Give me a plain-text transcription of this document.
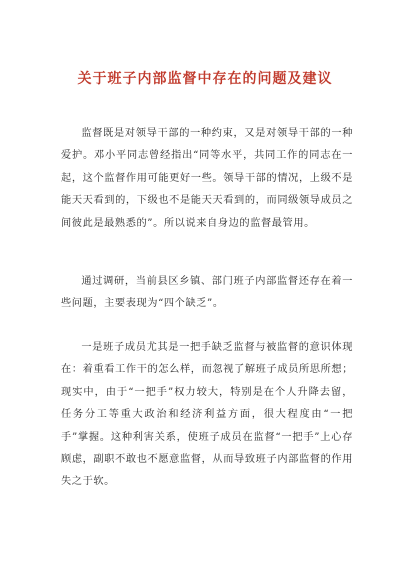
关于班子内部监督中存在的问题及建议

监督既是对领导干部的一种约束，又是对领导干部的一种爱护。邓小平同志曾经指出“同等水平，共同工作的同志在一起，这个监督作用可能更好一些。领导干部的情况，上级不是能天天看到的，下级也不是能天天看到的，而同级领导成员之间彼此是最熟悉的”。所以说来自身边的监督最管用。

通过调研，当前县区乡镇、部门班子内部监督还存在着一些问题，主要表现为“四个缺乏”。

一是班子成员尤其是一把手缺乏监督与被监督的意识体现在：着重看工作干的怎么样，而忽视了解班子成员所思所想；现实中，由于“一把手”权力较大，特别是在个人升降去留，任务分工等重大政治和经济利益方面，很大程度由“一把手”掌握。这种利害关系，使班子成员在监督“一把手”上心存顾虑，副职不敢也不愿意监督，从而导致班子内部监督的作用失之于软。
